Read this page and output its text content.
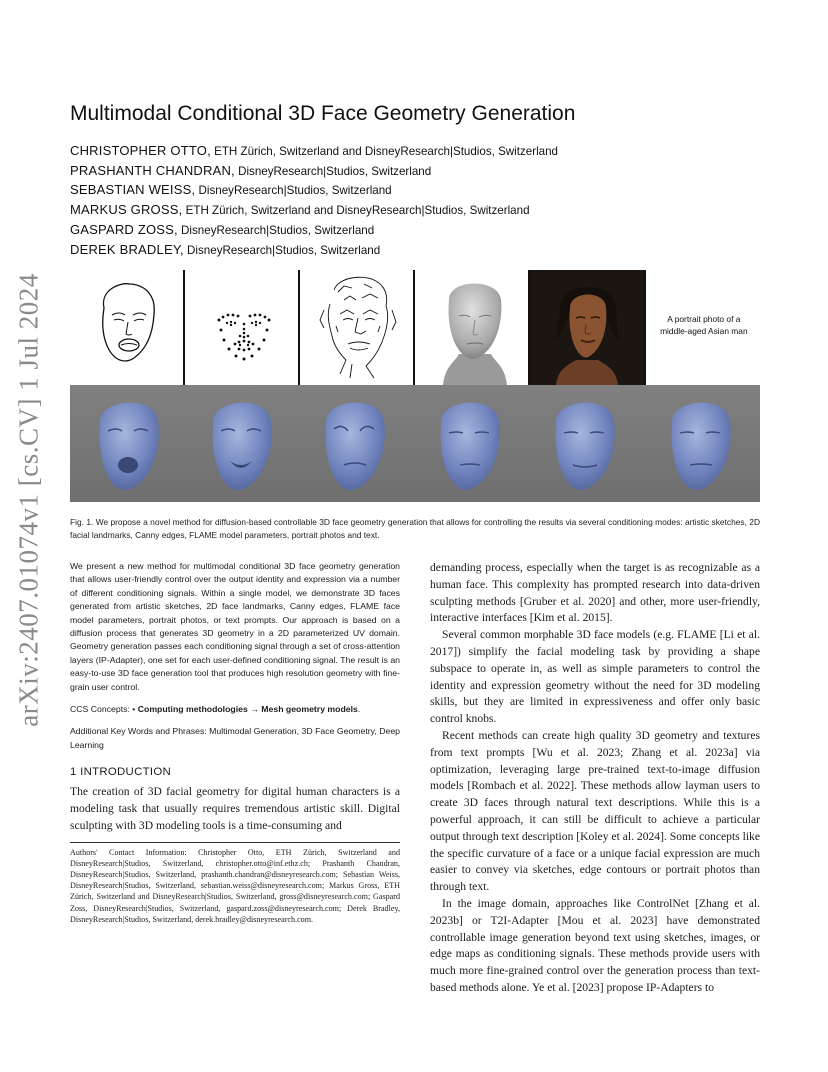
arXiv:2407.01074v1 [cs.CV] 1 Jul 2024
Multimodal Conditional 3D Face Geometry Generation
CHRISTOPHER OTTO, ETH Zürich, Switzerland and DisneyResearch|Studios, Switzerland
PRASHANTH CHANDRAN, DisneyResearch|Studios, Switzerland
SEBASTIAN WEISS, DisneyResearch|Studios, Switzerland
MARKUS GROSS, ETH Zürich, Switzerland and DisneyResearch|Studios, Switzerland
GASPARD ZOSS, DisneyResearch|Studios, Switzerland
DEREK BRADLEY, DisneyResearch|Studios, Switzerland
A portrait photo of a middle-aged Asian man
Fig. 1. We propose a novel method for diffusion-based controllable 3D face geometry generation that allows for controlling the results via several conditioning modes: artistic sketches, 2D facial landmarks, Canny edges, FLAME model parameters, portrait photos and text.

We present a new method for multimodal conditional 3D face geometry generation that allows user-friendly control over the output identity and expression via a number of different conditioning signals. Within a single model, we demonstrate 3D faces generated from artistic sketches, 2D face landmarks, Canny edges, FLAME face model parameters, portrait photos, or text prompts. Our approach is based on a diffusion process that generates 3D geometry in a 2D parameterized UV domain. Geometry generation passes each conditioning signal through a set of cross-attention layers (IP-Adapter), one set for each user-defined conditioning signal. The result is an easy-to-use 3D face generation tool that produces high resolution geometry with fine-grain user control.

CCS Concepts: • Computing methodologies → Mesh geometry models.

Additional Key Words and Phrases: Multimodal Generation, 3D Face Geometry, Deep Learning

1 INTRODUCTION

The creation of 3D facial geometry for digital human characters is a modeling task that usually requires tremendous artistic skill. Digital sculpting with 3D modeling tools is a time-consuming and

Authors' Contact Information: Christopher Otto, ETH Zürich, Switzerland and DisneyResearch|Studios, Switzerland, christopher.otto@inf.ethz.ch; Prashanth Chandran, DisneyResearch|Studios, Switzerland, prashanth.chandran@disneyresearch.com; Sebastian Weiss, DisneyResearch|Studios, Switzerland, sebastian.weiss@disneyresearch.com; Markus Gross, ETH Zürich, Switzerland and DisneyResearch|Studios, Switzerland, gross@disneyresearch.com; Gaspard Zoss, DisneyResearch|Studios, Switzerland, gaspard.zoss@disneyresearch.com; Derek Bradley, DisneyResearch|Studios, Switzerland, derek.bradley@disneyresearch.com.

demanding process, especially when the target is as recognizable as a human face. This complexity has prompted research into data-driven sculpting methods [Gruber et al. 2020] and other, more user-friendly, interactive interfaces [Kim et al. 2015].

Several common morphable 3D face models (e.g. FLAME [Li et al. 2017]) simplify the facial modeling task by providing a shape subspace to operate in, as well as simple parameters to control the identity and expression geometry without the need for 3D modeling skills, but they are limited in expressiveness and offer only basic control knobs.

Recent methods can create high quality 3D geometry and textures from text prompts [Wu et al. 2023; Zhang et al. 2023a] via optimization, leveraging large pre-trained text-to-image diffusion models [Rombach et al. 2022]. These methods allow layman users to create 3D faces through natural text descriptions. While this is a powerful approach, it can still be difficult to achieve a particular output through text description [Koley et al. 2024]. Some concepts like the specific curvature of a face or a unique facial expression are much easier to convey via sketches, edge contours or portrait photos than through text.

In the image domain, approaches like ControlNet [Zhang et al. 2023b] or T2I-Adapter [Mou et al. 2023] have demonstrated controllable image generation beyond text using sketches, images, or edge maps as conditioning signals. These methods provide users with much more fine-grained control over the generation process than text-based methods alone. Ye et al. [2023] propose IP-Adapters to
